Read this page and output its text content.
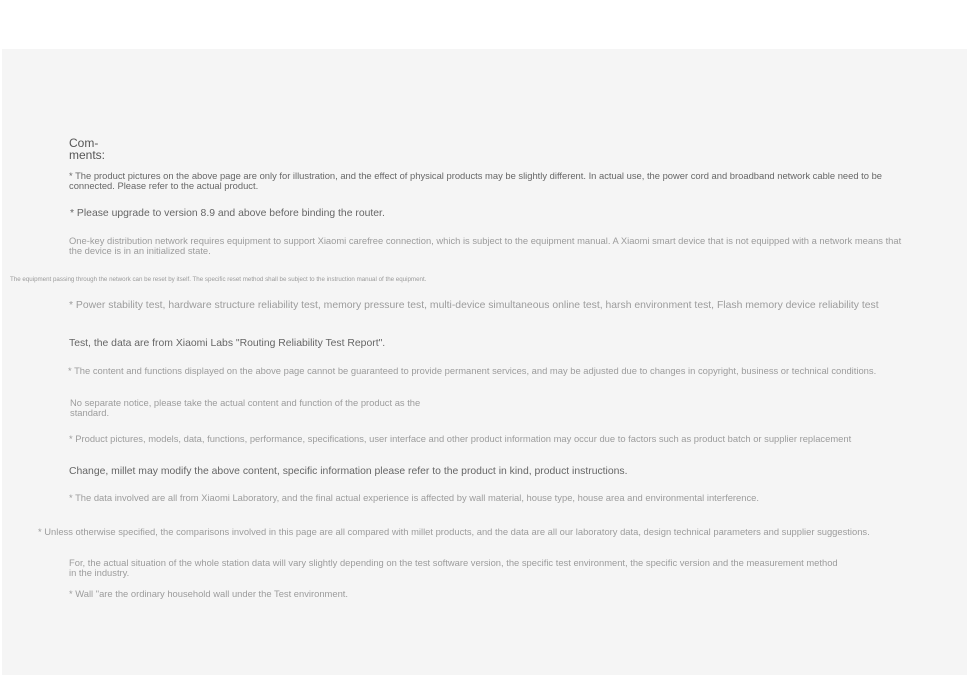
Com-
ments:

* The product pictures on the above page are only for illustration, and the effect of physical products may be slightly different. In actual use, the power cord and broadband network cable need to be connected. Please refer to the actual product.

* Please upgrade to version 8.9 and above before binding the router.

One-key distribution network requires equipment to support Xiaomi carefree connection, which is subject to the equipment manual. A Xiaomi smart device that is not equipped with a network means that the device is in an initialized state.

The equipment passing through the network can be reset by itself. The specific reset method shall be subject to the instruction manual of the equipment.

* Power stability test, hardware structure reliability test, memory pressure test, multi-device simultaneous online test, harsh environment test, Flash memory device reliability test

Test, the data are from Xiaomi Labs "Routing Reliability Test Report".

* The content and functions displayed on the above page cannot be guaranteed to provide permanent services, and may be adjusted due to changes in copyright, business or technical conditions.

No separate notice, please take the actual content and function of the product as the standard.

* Product pictures, models, data, functions, performance, specifications, user interface and other product information may occur due to factors such as product batch or supplier replacement

Change, millet may modify the above content, specific information please refer to the product in kind, product instructions.

* The data involved are all from Xiaomi Laboratory, and the final actual experience is affected by wall material, house type, house area and environmental interference.

* Unless otherwise specified, the comparisons involved in this page are all compared with millet products, and the data are all our laboratory data, design technical parameters and supplier suggestions.

For, the actual situation of the whole station data will vary slightly depending on the test software version, the specific test environment, the specific version and the measurement method in the industry.

* Wall "are the ordinary household wall under the Test environment.
